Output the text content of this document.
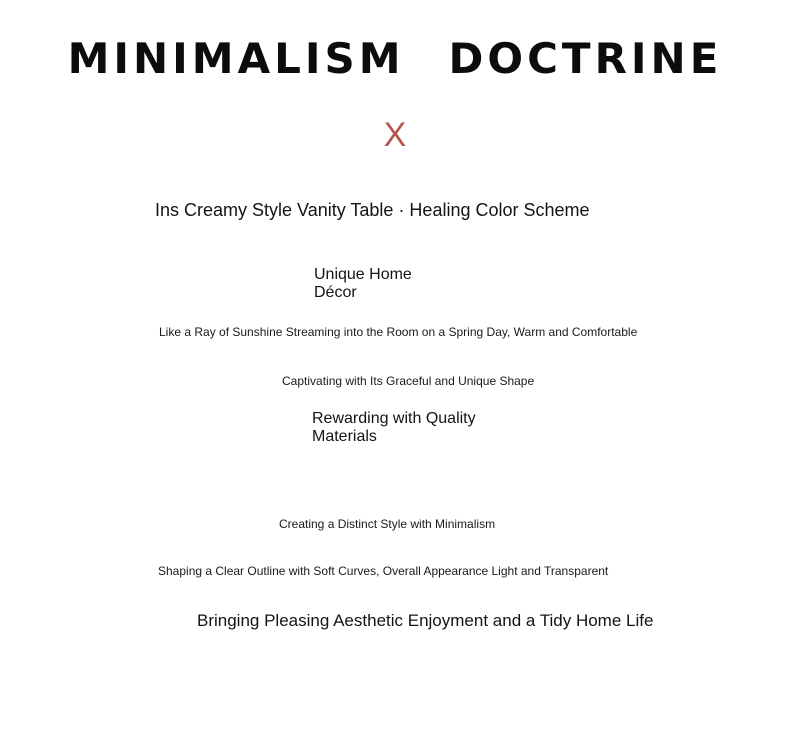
MINIMALISM DOCTRINE
X
Ins Creamy Style Vanity Table · Healing Color Scheme
Unique Home Décor
Like a Ray of Sunshine Streaming into the Room on a Spring Day, Warm and Comfortable
Captivating with Its Graceful and Unique Shape
Rewarding with Quality Materials
Creating a Distinct Style with Minimalism
Shaping a Clear Outline with Soft Curves, Overall Appearance Light and Transparent
Bringing Pleasing Aesthetic Enjoyment and a Tidy Home Life
